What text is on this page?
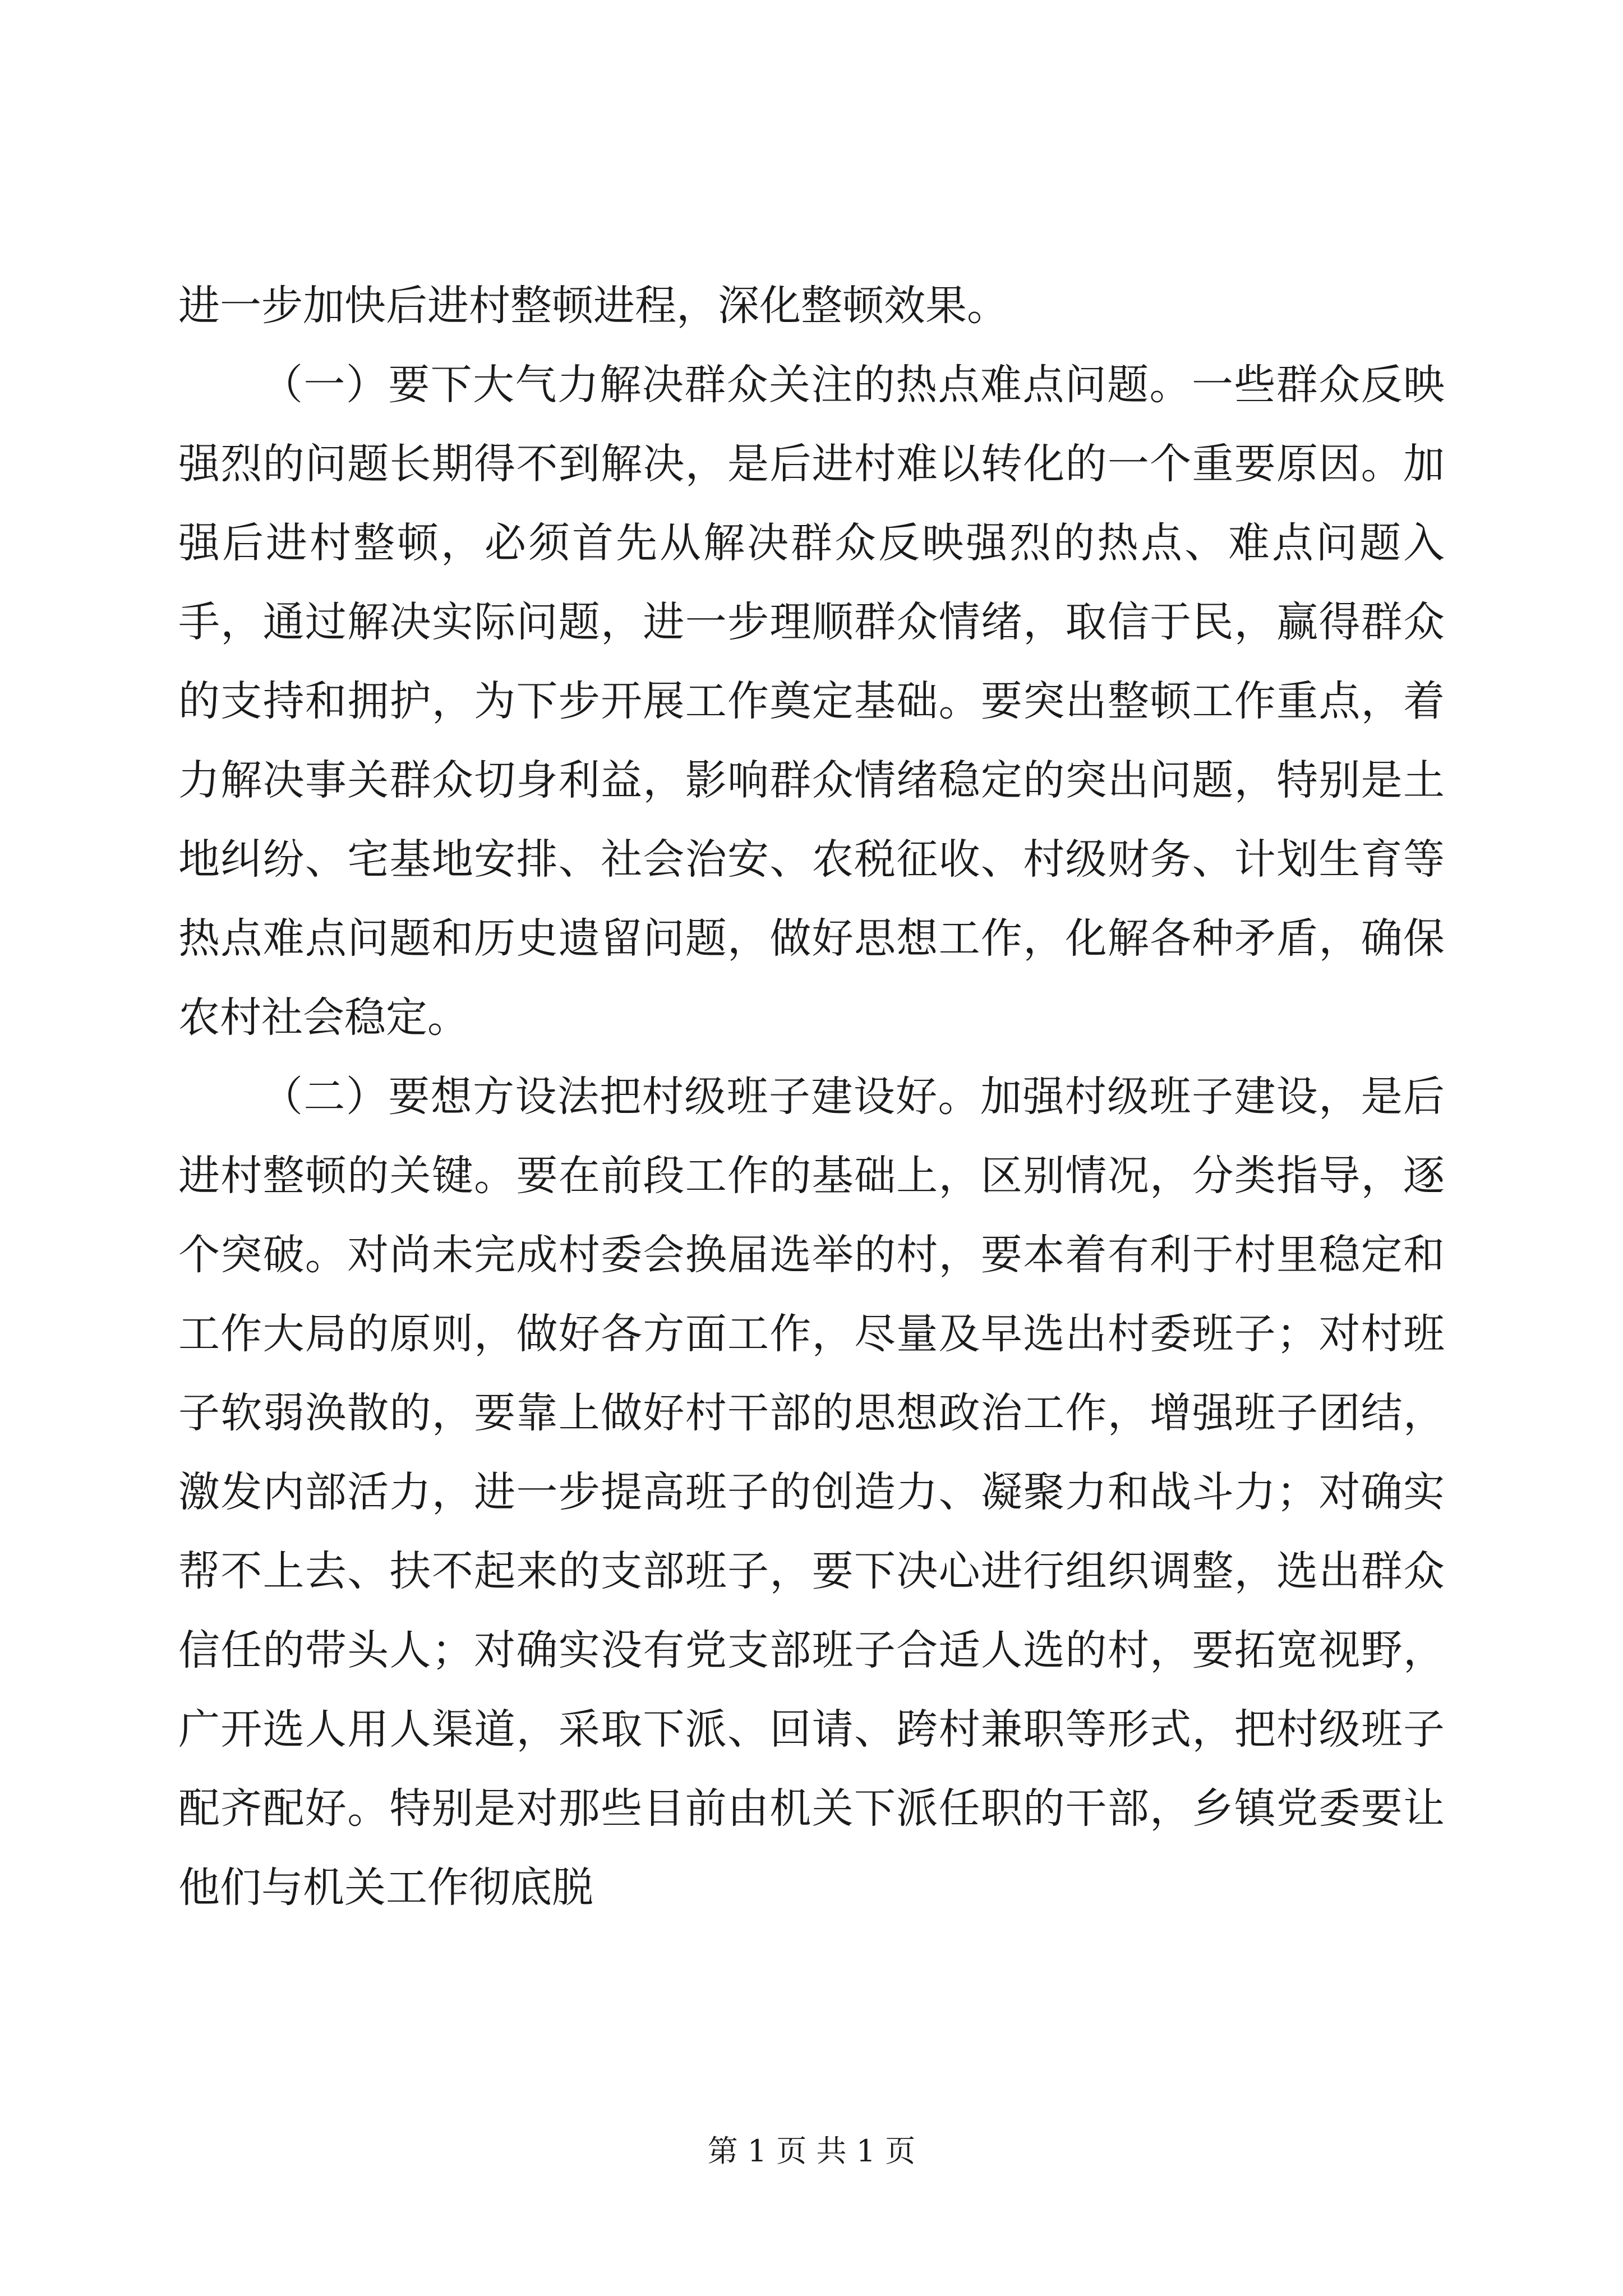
进一步加快后进村整顿进程，深化整顿效果。

（一）要下大气力解决群众关注的热点难点问题。一些群众反映强烈的问题长期得不到解决，是后进村难以转化的一个重要原因。加强后进村整顿，必须首先从解决群众反映强烈的热点、难点问题入手，通过解决实际问题，进一步理顺群众情绪，取信于民，赢得群众的支持和拥护，为下步开展工作奠定基础。要突出整顿工作重点，着力解决事关群众切身利益，影响群众情绪稳定的突出问题，特别是土地纠纷、宅基地安排、社会治安、农税征收、村级财务、计划生育等热点难点问题和历史遗留问题，做好思想工作，化解各种矛盾，确保农村社会稳定。

（二）要想方设法把村级班子建设好。加强村级班子建设，是后进村整顿的关键。要在前段工作的基础上，区别情况，分类指导，逐个突破。对尚未完成村委会换届选举的村，要本着有利于村里稳定和工作大局的原则，做好各方面工作，尽量及早选出村委班子；对村班子软弱涣散的，要靠上做好村干部的思想政治工作，增强班子团结，激发内部活力，进一步提高班子的创造力、凝聚力和战斗力；对确实帮不上去、扶不起来的支部班子，要下决心进行组织调整，选出群众信任的带头人；对确实没有党支部班子合适人选的村，要拓宽视野，广开选人用人渠道，采取下派、回请、跨村兼职等形式，把村级班子配齐配好。特别是对那些目前由机关下派任职的干部，乡镇党委要让他们与机关工作彻底脱

第 1 页 共 1 页
